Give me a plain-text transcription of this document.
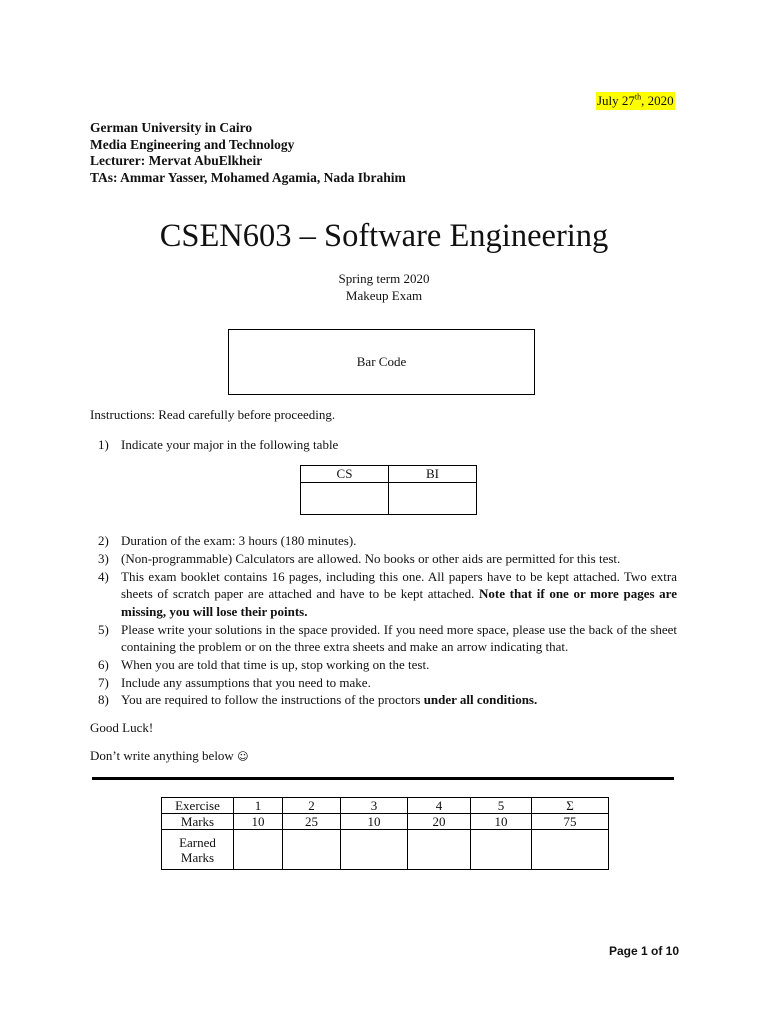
July 27th, 2020
German University in Cairo
Media Engineering and Technology
Lecturer: Mervat AbuElkheir
TAs: Ammar Yasser, Mohamed Agamia, Nada Ibrahim
CSEN603 – Software Engineering
Spring term 2020
Makeup Exam
Bar Code
Instructions: Read carefully before proceeding.
1) Indicate your major in the following table
CS	BI

2) Duration of the exam: 3 hours (180 minutes).
3) (Non-programmable) Calculators are allowed. No books or other aids are permitted for this test.
4) This exam booklet contains 16 pages, including this one. All papers have to be kept attached. Two extra sheets of scratch paper are attached and have to be kept attached. Note that if one or more pages are missing, you will lose their points.
5) Please write your solutions in the space provided. If you need more space, please use the back of the sheet containing the problem or on the three extra sheets and make an arrow indicating that.
6) When you are told that time is up, stop working on the test.
7) Include any assumptions that you need to make.
8) You are required to follow the instructions of the proctors under all conditions.
Good Luck!
Don’t write anything below ☺
Exercise	1	2	3	4	5	Σ
Marks	10	25	10	20	10	75
Earned Marks						
Page 1 of 10
